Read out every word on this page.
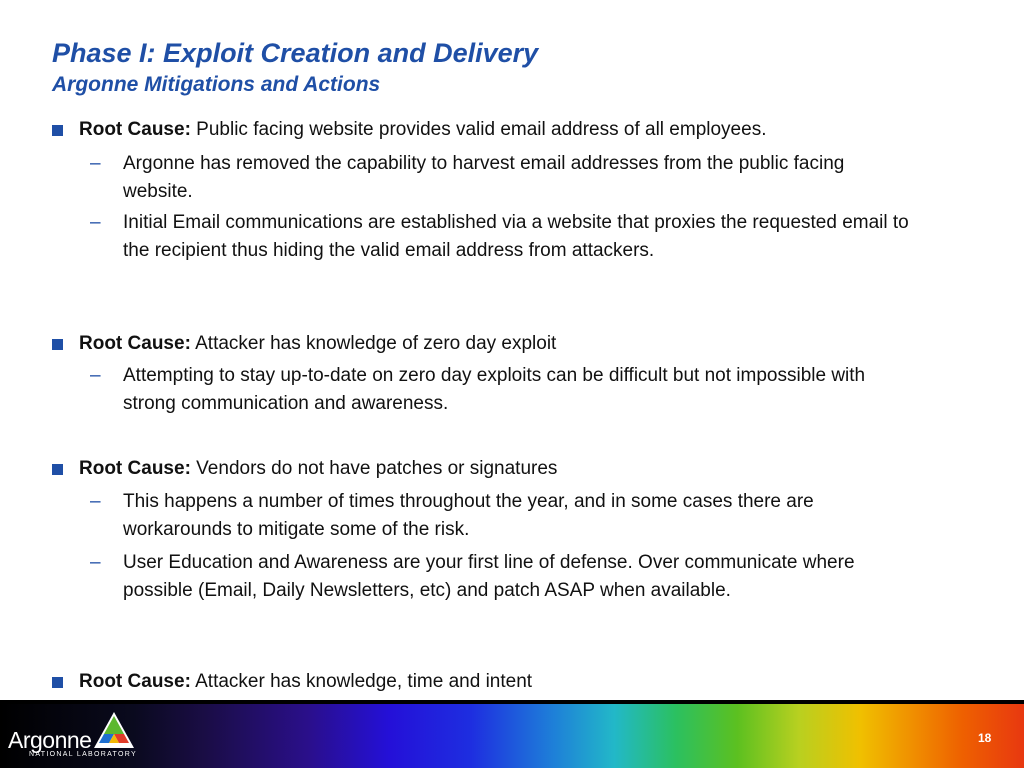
Phase I: Exploit Creation and Delivery
Argonne Mitigations and Actions
Root Cause: Public facing website provides valid email address of all employees.
– Argonne has removed the capability to harvest email addresses from the public facing website.
– Initial Email communications are established via a website that proxies the requested email to the recipient thus hiding the valid email address from attackers.
Root Cause: Attacker has knowledge of zero day exploit
– Attempting to stay up-to-date on zero day exploits can be difficult but not impossible with strong communication and awareness.
Root Cause: Vendors do not have patches or signatures
– This happens a number of times throughout the year, and in some cases there are workarounds to mitigate some of the risk.
– User Education and Awareness are your first line of defense. Over communicate where possible (Email, Daily Newsletters, etc) and patch ASAP when available.
Root Cause: Attacker has knowledge, time and intent
Argonne
NATIONAL LABORATORY
18
